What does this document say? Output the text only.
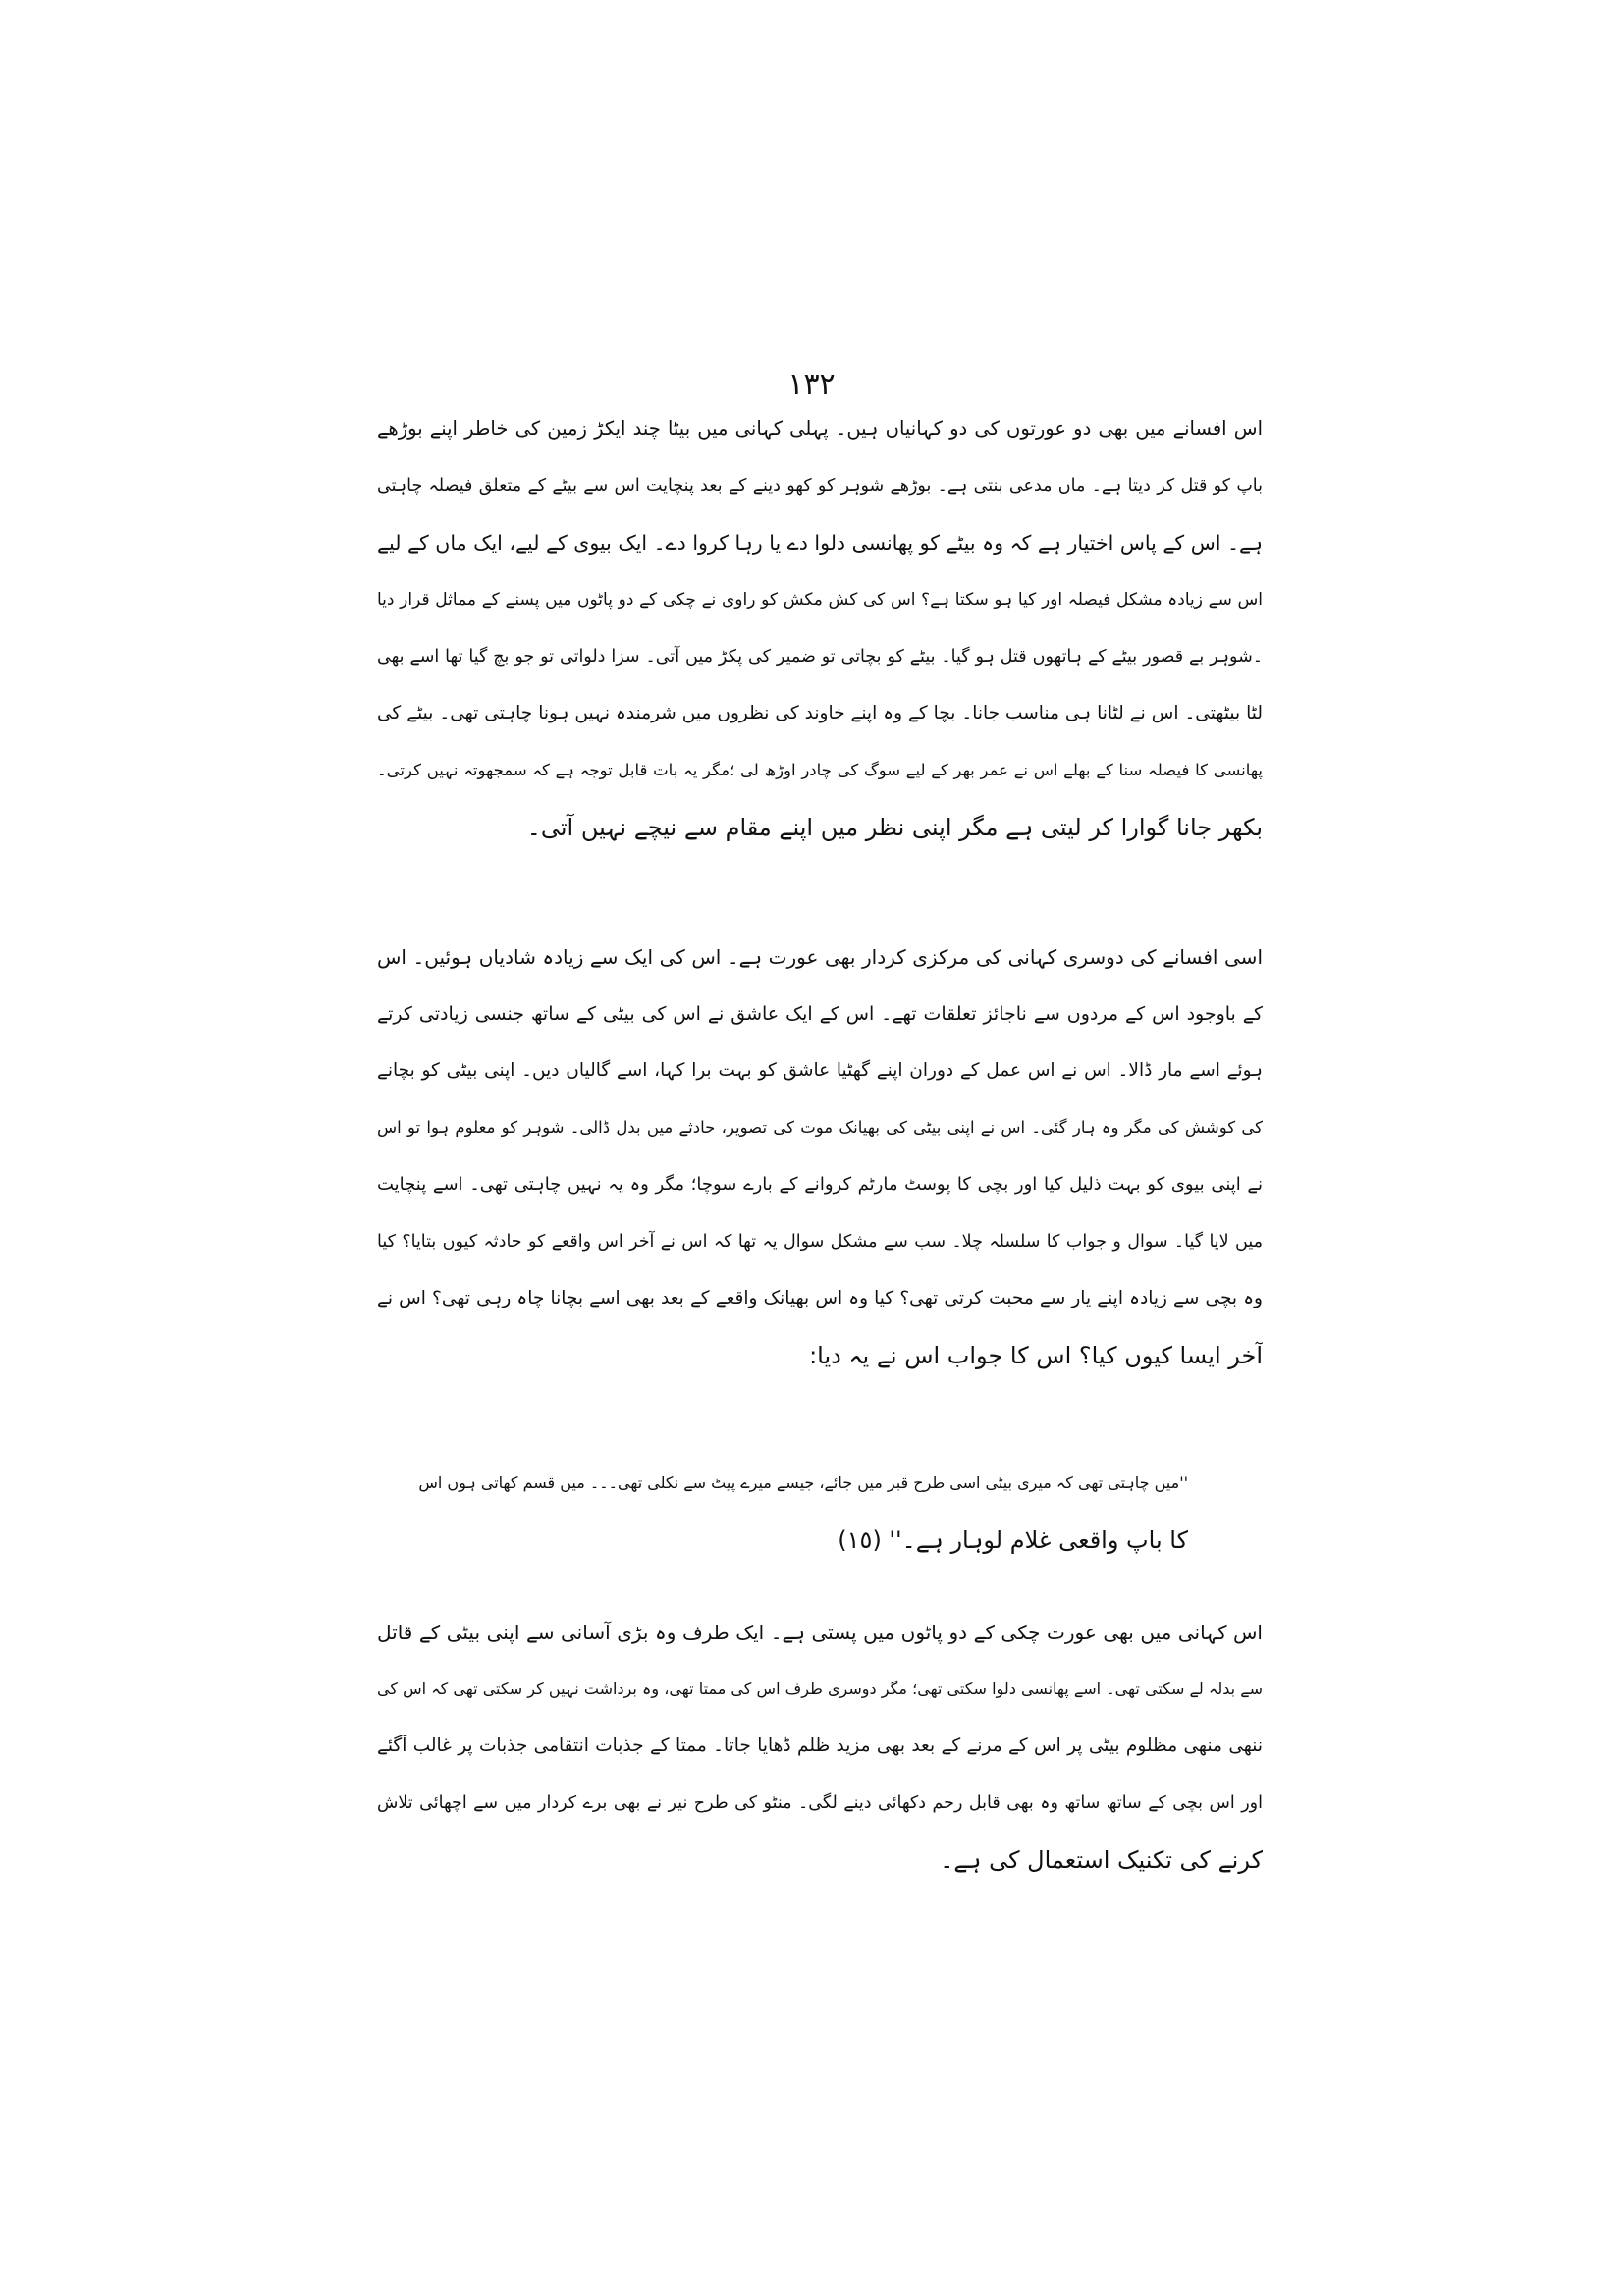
١٣٢
اس افسانے میں بھی دو عورتوں کی دو کہانیاں ہیں۔ پہلی کہانی میں بیٹا چند ایکڑ زمین کی خاطر اپنے بوڑھے
باپ کو قتل کر دیتا ہے۔ ماں مدعی بنتی ہے۔ بوڑھے شوہر کو کھو دینے کے بعد پنچایت اس سے بیٹے کے متعلق فیصلہ چاہتی
ہے۔ اس کے پاس اختیار ہے کہ وہ بیٹے کو پھانسی دلوا دے یا رہا کروا دے۔ ایک بیوی کے لیے، ایک ماں کے لیے
اس سے زیادہ مشکل فیصلہ اور کیا ہو سکتا ہے؟ اس کی کش مکش کو راوی نے چکی کے دو پاٹوں میں پسنے کے مماثل قرار دیا
۔شوہر بے قصور بیٹے کے ہاتھوں قتل ہو گیا۔ بیٹے کو بچاتی تو ضمیر کی پکڑ میں آتی۔ سزا دلواتی تو جو بچ گیا تھا اسے بھی
لٹا بیٹھتی۔ اس نے لٹانا ہی مناسب جانا۔ بچا کے وہ اپنے خاوند کی نظروں میں شرمندہ نہیں ہونا چاہتی تھی۔ بیٹے کی
پھانسی کا فیصلہ سنا کے بھلے اس نے عمر بھر کے لیے سوگ کی چادر اوڑھ لی ؛مگر یہ بات قابل توجہ ہے کہ سمجھوتہ نہیں کرتی۔
بکھر جانا گوارا کر لیتی ہے مگر اپنی نظر میں اپنے مقام سے نیچے نہیں آتی۔
اسی افسانے کی دوسری کہانی کی مرکزی کردار بھی عورت ہے۔ اس کی ایک سے زیادہ شادیاں ہوئیں۔ اس
کے باوجود اس کے مردوں سے ناجائز تعلقات تھے۔ اس کے ایک عاشق نے اس کی بیٹی کے ساتھ جنسی زیادتی کرتے
ہوئے اسے مار ڈالا۔ اس نے اس عمل کے دوران اپنے گھٹیا عاشق کو بہت برا کہا، اسے گالیاں دیں۔ اپنی بیٹی کو بچانے
کی کوشش کی مگر وہ ہار گئی۔ اس نے اپنی بیٹی کی بھیانک موت کی تصویر، حادثے میں بدل ڈالی۔ شوہر کو معلوم ہوا تو اس
نے اپنی بیوی کو بہت ذلیل کیا اور بچی کا پوسٹ مارٹم کروانے کے بارے سوچا؛ مگر وہ یہ نہیں چاہتی تھی۔ اسے پنچایت
میں لایا گیا۔ سوال و جواب کا سلسلہ چلا۔ سب سے مشکل سوال یہ تھا کہ اس نے آخر اس واقعے کو حادثہ کیوں بتایا؟ کیا
وہ بچی سے زیادہ اپنے یار سے محبت کرتی تھی؟ کیا وہ اس بھیانک واقعے کے بعد بھی اسے بچانا چاہ رہی تھی؟ اس نے
آخر ایسا کیوں کیا؟ اس کا جواب اس نے یہ دیا:
''میں چاہتی تھی کہ میری بیٹی اسی طرح قبر میں جائے، جیسے میرے پیٹ سے نکلی تھی۔۔۔ میں قسم کھاتی ہوں اس
کا باپ واقعی غلام لوہار ہے۔'' (١٥)
اس کہانی میں بھی عورت چکی کے دو پاٹوں میں پستی ہے۔ ایک طرف وہ بڑی آسانی سے اپنی بیٹی کے قاتل
سے بدلہ لے سکتی تھی۔ اسے پھانسی دلوا سکتی تھی؛ مگر دوسری طرف اس کی ممتا تھی، وہ برداشت نہیں کر سکتی تھی کہ اس کی
ننھی منھی مظلوم بیٹی پر اس کے مرنے کے بعد بھی مزید ظلم ڈھایا جاتا۔ ممتا کے جذبات انتقامی جذبات پر غالب آگئے
اور اس بچی کے ساتھ ساتھ وہ بھی قابل رحم دکھائی دینے لگی۔ منٹو کی طرح نیر نے بھی برے کردار میں سے اچھائی تلاش
کرنے کی تکنیک استعمال کی ہے۔
